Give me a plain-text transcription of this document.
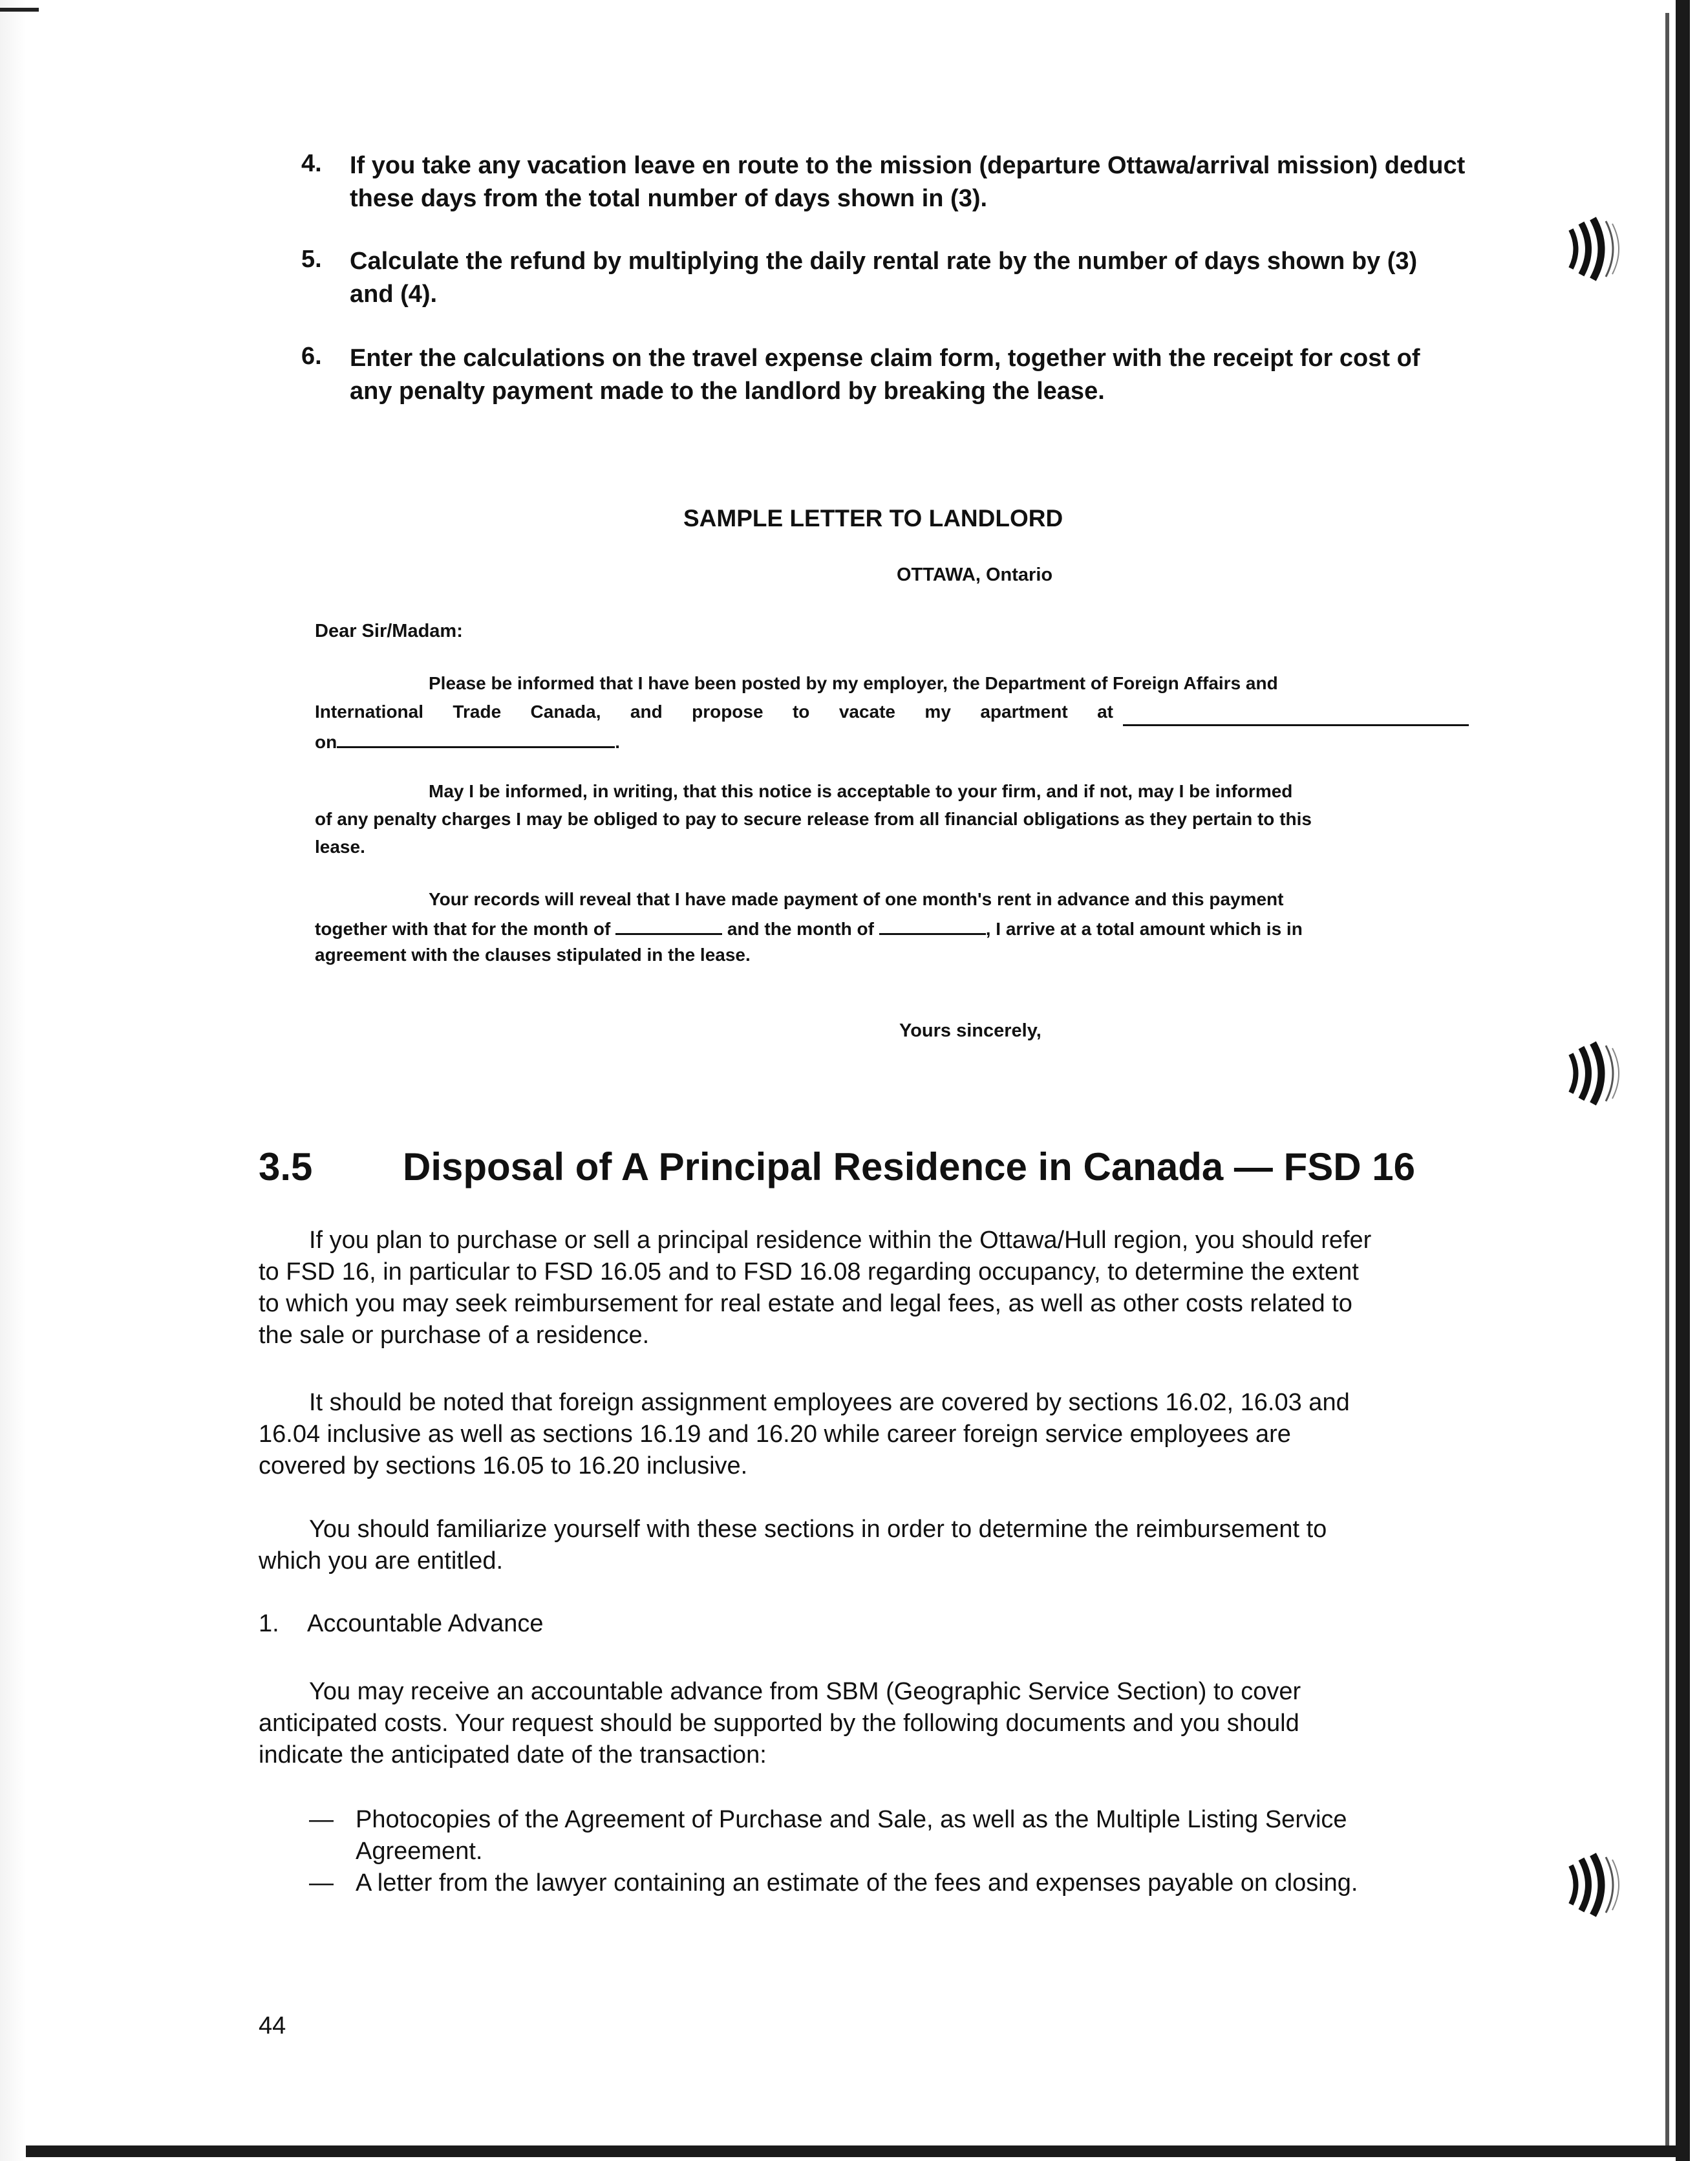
4. If you take any vacation leave en route to the mission (departure Ottawa/arrival mission) deduct
these days from the total number of days shown in (3).
5. Calculate the refund by multiplying the daily rental rate by the number of days shown by (3)
and (4).
6. Enter the calculations on the travel expense claim form, together with the receipt for cost of
any penalty payment made to the landlord by breaking the lease.
SAMPLE LETTER TO LANDLORD
OTTAWA, Ontario
Dear Sir/Madam:
Please be informed that I have been posted by my employer, the Department of Foreign Affairs and
International Trade Canada, and propose to vacate my apartment at
on	.
May I be informed, in writing, that this notice is acceptable to your firm, and if not, may I be informed
of any penalty charges I may be obliged to pay to secure release from all financial obligations as they pertain to this
lease.
Your records will reveal that I have made payment of one month's rent in advance and this payment
together with that for the month of	and the month of	, I arrive at a total amount which is in
agreement with the clauses stipulated in the lease.
Yours sincerely,
3.5 Disposal of A Principal Residence in Canada — FSD 16
If you plan to purchase or sell a principal residence within the Ottawa/Hull region, you should refer
to FSD 16, in particular to FSD 16.05 and to FSD 16.08 regarding occupancy, to determine the extent
to which you may seek reimbursement for real estate and legal fees, as well as other costs related to
the sale or purchase of a residence.
It should be noted that foreign assignment employees are covered by sections 16.02, 16.03 and
16.04 inclusive as well as sections 16.19 and 16.20 while career foreign service employees are
covered by sections 16.05 to 16.20 inclusive.
You should familiarize yourself with these sections in order to determine the reimbursement to
which you are entitled.
1. Accountable Advance
You may receive an accountable advance from SBM (Geographic Service Section) to cover
anticipated costs. Your request should be supported by the following documents and you should
indicate the anticipated date of the transaction:
— Photocopies of the Agreement of Purchase and Sale, as well as the Multiple Listing Service
Agreement.
— A letter from the lawyer containing an estimate of the fees and expenses payable on closing.
44
